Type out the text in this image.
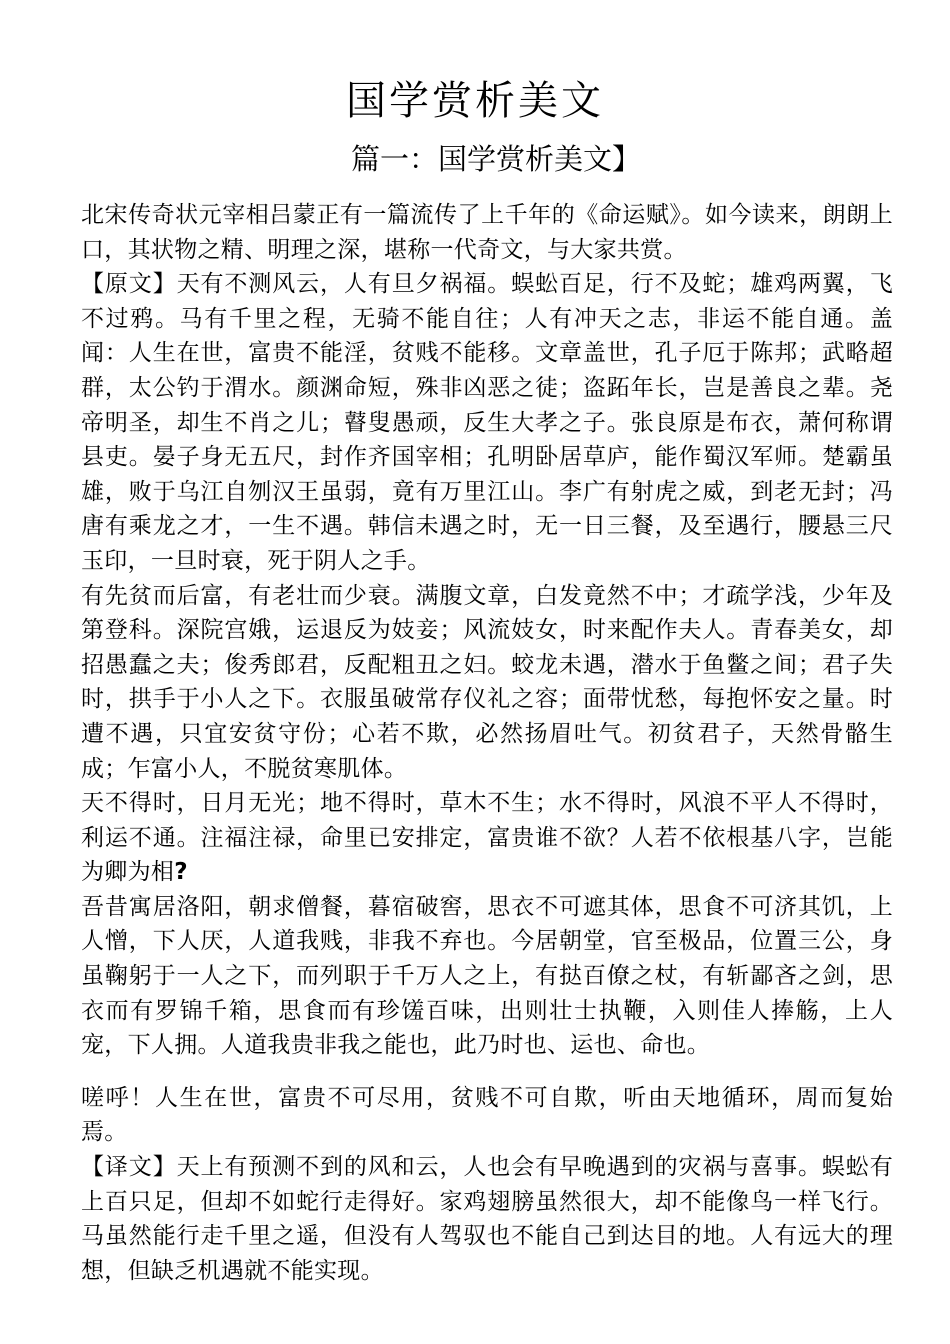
国学赏析美文
篇一：国学赏析美文】

北宋传奇状元宰相吕蒙正有一篇流传了上千年的《命运赋》。如今读来，朗朗上口，其状物之精、明理之深，堪称一代奇文，与大家共赏。

【原文】天有不测风云，人有旦夕祸福。蜈蚣百足，行不及蛇；雄鸡两翼，飞不过鸦。马有千里之程，无骑不能自往；人有冲天之志，非运不能自通。盖闻：人生在世，富贵不能淫，贫贱不能移。文章盖世，孔子厄于陈邦；武略超群，太公钓于渭水。颜渊命短，殊非凶恶之徒；盗跖年长，岂是善良之辈。尧帝明圣，却生不肖之儿；瞽叟愚顽，反生大孝之子。张良原是布衣，萧何称谓县吏。晏子身无五尺，封作齐国宰相；孔明卧居草庐，能作蜀汉军师。楚霸虽雄，败于乌江自刎汉王虽弱，竟有万里江山。李广有射虎之威，到老无封；冯唐有乘龙之才，一生不遇。韩信未遇之时，无一日三餐，及至遇行，腰悬三尺玉印，一旦时衰，死于阴人之手。

有先贫而后富，有老壮而少衰。满腹文章，白发竟然不中；才疏学浅，少年及第登科。深院宫娥，运退反为妓妾；风流妓女，时来配作夫人。青春美女，却招愚蠢之夫；俊秀郎君，反配粗丑之妇。蛟龙未遇，潜水于鱼鳖之间；君子失时，拱手于小人之下。衣服虽破常存仪礼之容；面带忧愁，每抱怀安之量。时遭不遇，只宜安贫守份；心若不欺，必然扬眉吐气。初贫君子，天然骨骼生成；乍富小人，不脱贫寒肌体。

天不得时，日月无光；地不得时，草木不生；水不得时，风浪不平人不得时，利运不通。注福注禄，命里已安排定，富贵谁不欲？人若不依根基八字，岂能为卿为相?

吾昔寓居洛阳，朝求僧餐，暮宿破窖，思衣不可遮其体，思食不可济其饥，上人憎，下人厌，人道我贱，非我不弃也。今居朝堂，官至极品，位置三公，身虽鞠躬于一人之下，而列职于千万人之上，有挞百僚之杖，有斩鄙吝之剑，思衣而有罗锦千箱，思食而有珍馐百味，出则壮士执鞭，入则佳人捧觞，上人宠，下人拥。人道我贵非我之能也，此乃时也、运也、命也。

嗟呼！人生在世，富贵不可尽用，贫贱不可自欺，听由天地循环，周而复始焉。

【译文】天上有预测不到的风和云，人也会有早晚遇到的灾祸与喜事。蜈蚣有上百只足，但却不如蛇行走得好。家鸡翅膀虽然很大，却不能像鸟一样飞行。马虽然能行走千里之遥，但没有人驾驭也不能自己到达目的地。人有远大的理想，但缺乏机遇就不能实现。
